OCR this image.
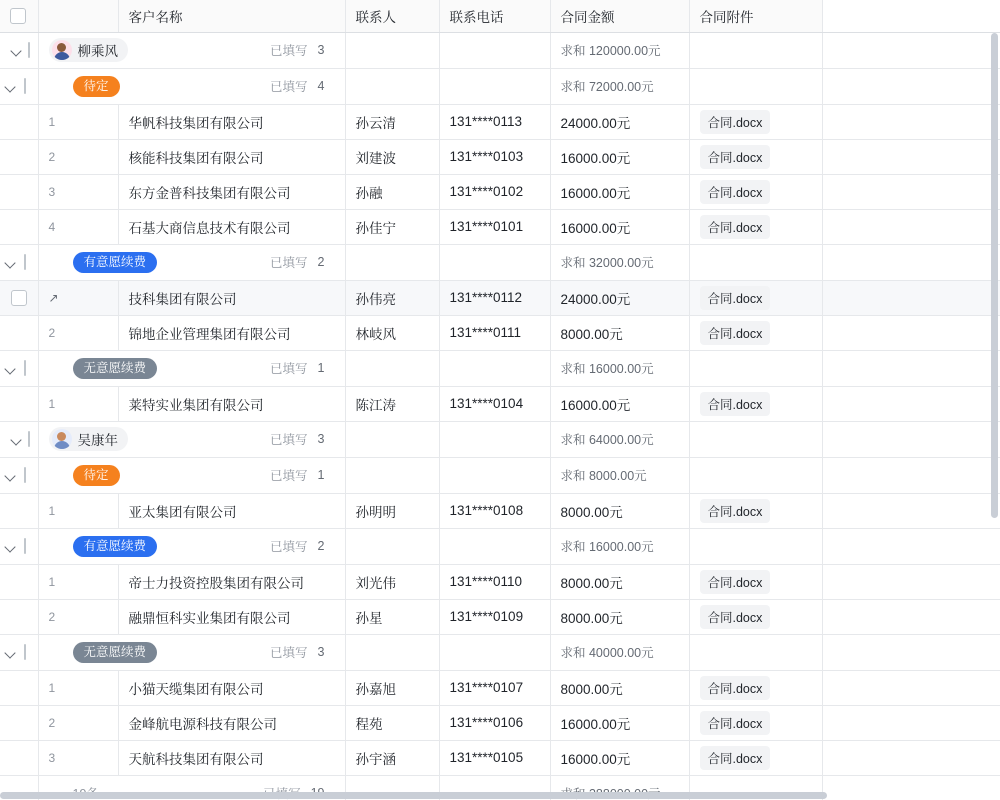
		客户名称	联系人	联系电话	合同金额	合同附件	

	柳乘风 已填写 3				求和 120000.00元		

	待定 已填写 4				求和 72000.00元		
	1	华帆科技集团有限公司	孙云清	131****0113	24000.00元	合同.docx	
	2	核能科技集团有限公司	刘建波	131****0103	16000.00元	合同.docx	
	3	东方金普科技集团有限公司	孙融	131****0102	16000.00元	合同.docx	
	4	石基大商信息技术有限公司	孙佳宁	131****0101	16000.00元	合同.docx	

	有意愿续费 已填写 2				求和 32000.00元		

	↗	技科集团有限公司	孙伟亮	131****0112	24000.00元	合同.docx	
	2	锦地企业管理集团有限公司	林岐风	131****0111	8000.00元	合同.docx	

	无意愿续费 已填写 1				求和 16000.00元		
	1	莱特实业集团有限公司	陈江涛	131****0104	16000.00元	合同.docx	

	吴康年 已填写 3				求和 64000.00元		

	待定 已填写 1				求和 8000.00元		
	1	亚太集团有限公司	孙明明	131****0108	8000.00元	合同.docx	

	有意愿续费 已填写 2				求和 16000.00元		
	1	帝士力投资控股集团有限公司	刘光伟	131****0110	8000.00元	合同.docx	
	2	融鼎恒科实业集团有限公司	孙星	131****0109	8000.00元	合同.docx	

	无意愿续费 已填写 3				求和 40000.00元		
	1	小猫天缆集团有限公司	孙嘉旭	131****0107	8000.00元	合同.docx	
	2	金峰航电源科技有限公司	程苑	131****0106	16000.00元	合同.docx	
	3	天航科技集团有限公司	孙宇涵	131****0105	16000.00元	合同.docx	
